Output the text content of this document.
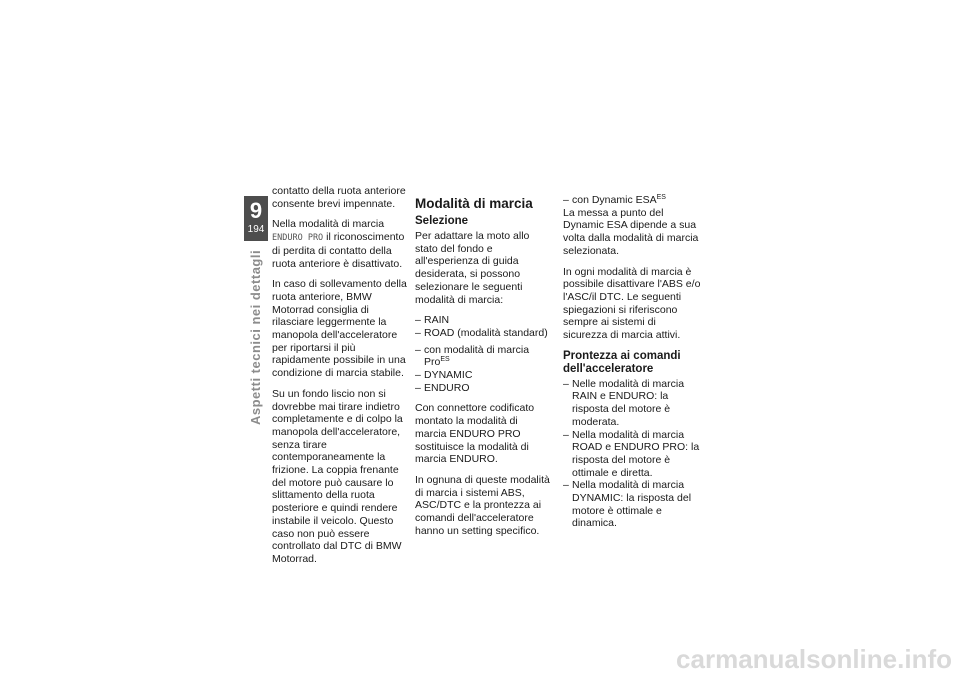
9
194
Aspetti tecnici nei dettagli

contatto della ruota anteriore consente brevi impennate.

Nella modalità di marcia ENDURO PRO il riconoscimento di perdita di contatto della ruota anteriore è disattivato.

In caso di sollevamento della ruota anteriore, BMW Motorrad consiglia di rilasciare leggermente la manopola dell'acceleratore per riportarsi il più rapidamente possibile in una condizione di marcia stabile.

Su un fondo liscio non si dovrebbe mai tirare indietro completamente e di colpo la manopola dell'acceleratore, senza tirare contemporaneamente la frizione. La coppia frenante del motore può causare lo slittamento della ruota posteriore e quindi rendere instabile il veicolo. Questo caso non può essere controllato dal DTC di BMW Motorrad.

Modalità di marcia
Selezione

Per adattare la moto allo stato del fondo e all'esperienza di guida desiderata, si possono selezionare le seguenti modalità di marcia:

– RAIN
– ROAD (modalità standard)
– con modalità di marcia Pro$^{ES}$
– DYNAMIC
– ENDURO

Con connettore codificato montato la modalità di marcia ENDURO PRO sostituisce la modalità di marcia ENDURO.

In ognuna di queste modalità di marcia i sistemi ABS, ASC/DTC e la prontezza ai comandi dell'acceleratore hanno un setting specifico.

– con Dynamic $ESA^{ES}$

La messa a punto del Dynamic ESA dipende a sua volta dalla modalità di marcia selezionata.

In ogni modalità di marcia è possibile disattivare l'ABS e/o l'ASC/il DTC. Le seguenti spiegazioni si riferiscono sempre ai sistemi di sicurezza di marcia attivi.

Prontezza ai comandi dell'acceleratore
– Nelle modalità di marcia RAIN e ENDURO: la risposta del motore è moderata.
– Nella modalità di marcia ROAD e ENDURO PRO: la risposta del motore è ottimale e diretta.
– Nella modalità di marcia DYNAMIC: la risposta del motore è ottimale e dinamica.
carmanualsonline.info
